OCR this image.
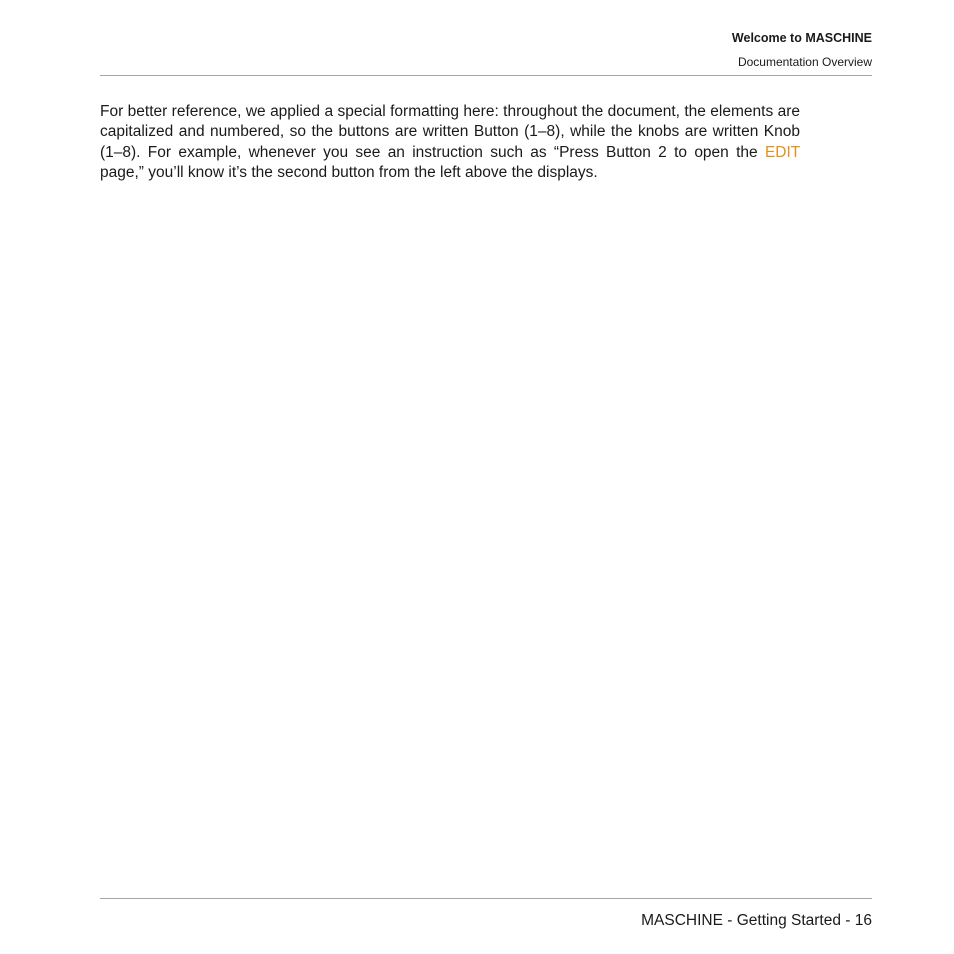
Welcome to MASCHINE
Documentation Overview

For better reference, we applied a special formatting here: throughout the document, the elements are capitalized and numbered, so the buttons are written Button (1–8), while the knobs are written Knob (1–8). For example, whenever you see an instruction such as “Press Button 2 to open the EDIT page,” you’ll know it’s the second button from the left above the displays.

MASCHINE - Getting Started - 16
